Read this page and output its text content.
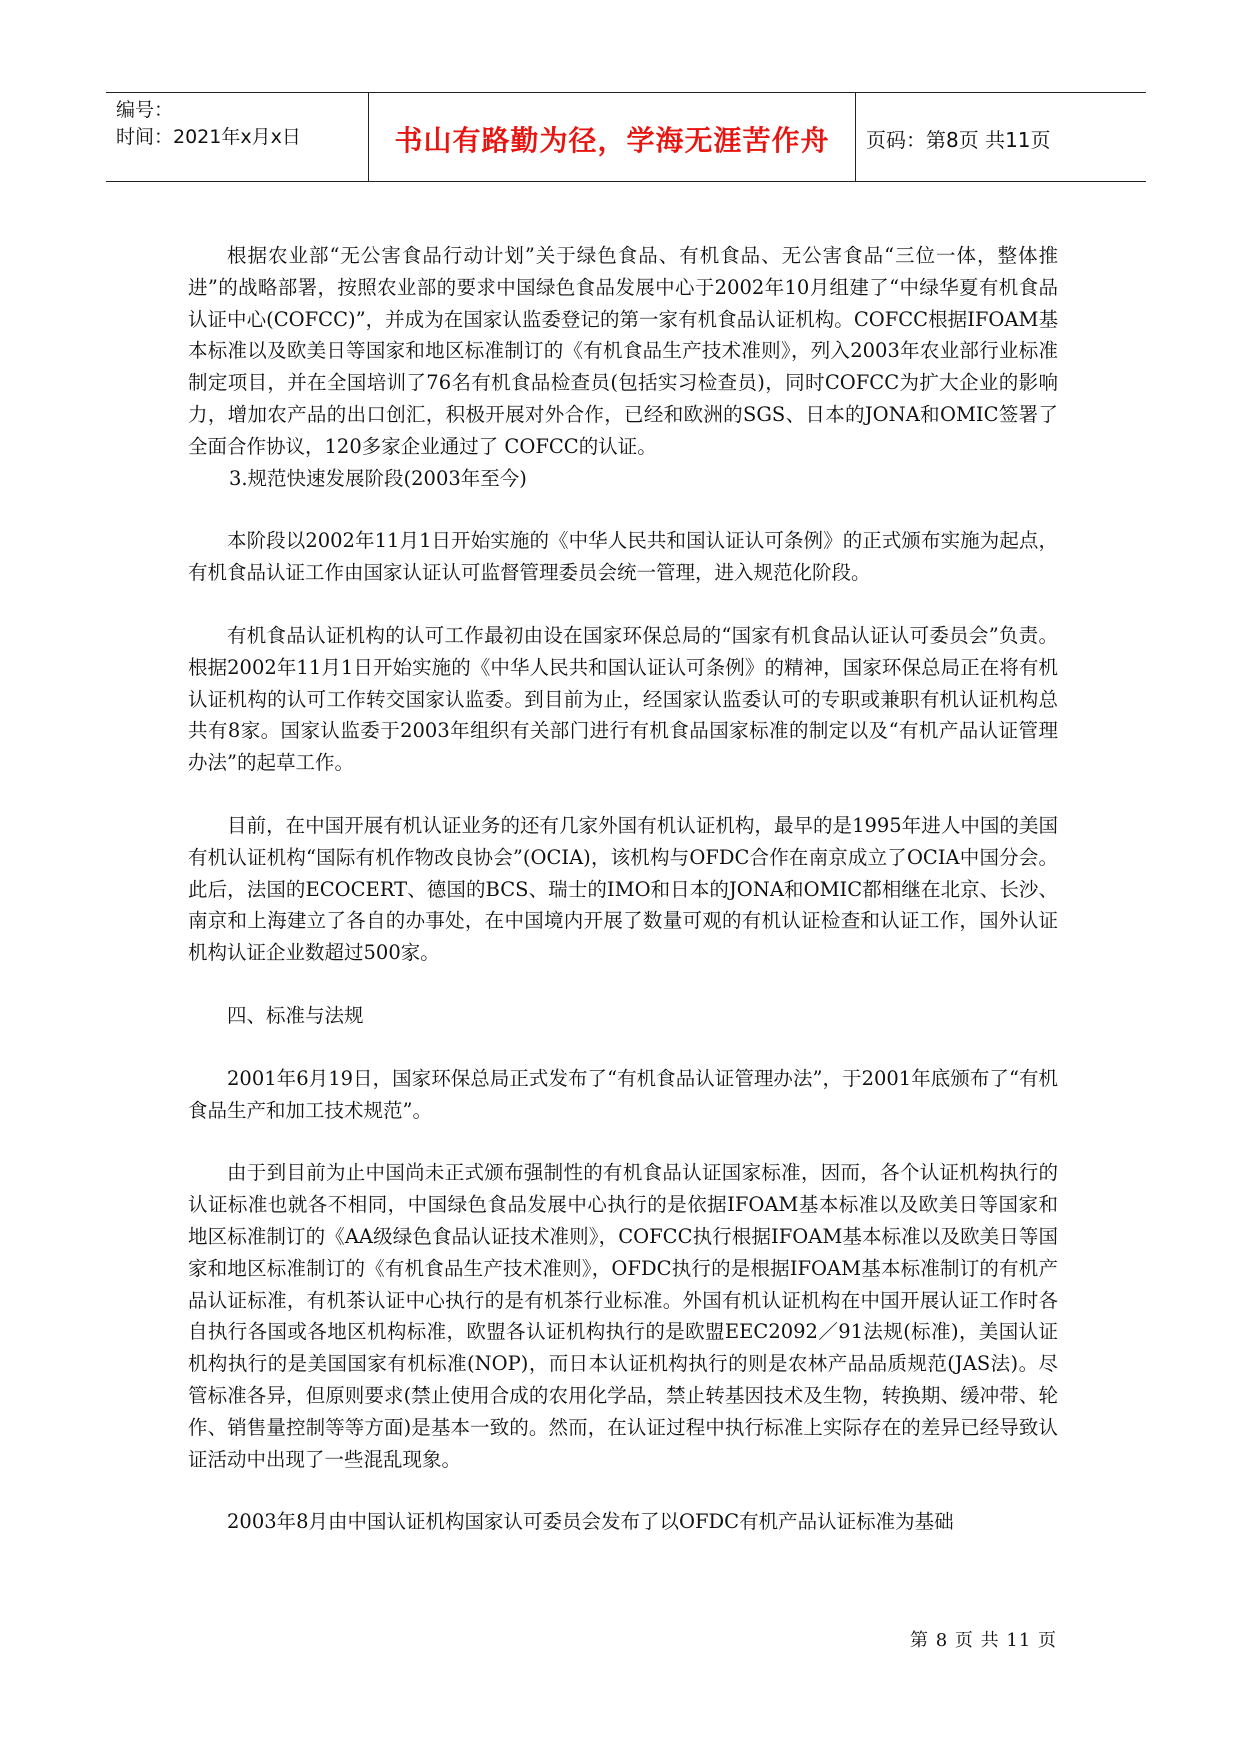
编号：
时间：2021年x月x日	书山有路勤为径，学海无涯苦作舟	页码：第8页 共11页

根据农业部“无公害食品行动计划”关于绿色食品、有机食品、无公害食品“三位一体，整体推进”的战略部署，按照农业部的要求中国绿色食品发展中心于2002年10月组建了“中绿华夏有机食品认证中心(COFCC)”，并成为在国家认监委登记的第一家有机食品认证机构。COFCC根据IFOAM基本标准以及欧美日等国家和地区标准制订的《有机食品生产技术准则》，列入2003年农业部行业标准制定项目，并在全国培训了76名有机食品检查员(包括实习检查员)，同时COFCC为扩大企业的影响力，增加农产品的出口创汇，积极开展对外合作，已经和欧洲的SGS、日本的JONA和OMIC签署了全面合作协议，120多家企业通过了 COFCC的认证。

3.规范快速发展阶段(2003年至今)

本阶段以2002年11月1日开始实施的《中华人民共和国认证认可条例》的正式颁布实施为起点，有机食品认证工作由国家认证认可监督管理委员会统一管理，进入规范化阶段。

有机食品认证机构的认可工作最初由设在国家环保总局的“国家有机食品认证认可委员会”负责。根据2002年11月1日开始实施的《中华人民共和国认证认可条例》的精神，国家环保总局正在将有机认证机构的认可工作转交国家认监委。到目前为止，经国家认监委认可的专职或兼职有机认证机构总共有8家。国家认监委于2003年组织有关部门进行有机食品国家标准的制定以及“有机产品认证管理办法”的起草工作。

目前，在中国开展有机认证业务的还有几家外国有机认证机构，最早的是1995年进人中国的美国有机认证机构“国际有机作物改良协会”(OCIA)，该机构与OFDC合作在南京成立了OCIA中国分会。此后，法国的ECOCERT、德国的BCS、瑞士的IMO和日本的JONA和OMIC都相继在北京、长沙、南京和上海建立了各自的办事处，在中国境内开展了数量可观的有机认证检查和认证工作，国外认证机构认证企业数超过500家。

四、标准与法规

2001年6月19日，国家环保总局正式发布了“有机食品认证管理办法”，于2001年底颁布了“有机食品生产和加工技术规范”。

由于到目前为止中国尚未正式颁布强制性的有机食品认证国家标准，因而，各个认证机构执行的认证标准也就各不相同，中国绿色食品发展中心执行的是依据IFOAM基本标准以及欧美日等国家和地区标准制订的《AA级绿色食品认证技术准则》，COFCC执行根据IFOAM基本标准以及欧美日等国家和地区标准制订的《有机食品生产技术准则》，OFDC执行的是根据IFOAM基本标准制订的有机产品认证标准，有机茶认证中心执行的是有机茶行业标准。外国有机认证机构在中国开展认证工作时各自执行各国或各地区机构标准，欧盟各认证机构执行的是欧盟EEC2092／91法规(标准)，美国认证机构执行的是美国国家有机标准(NOP)，而日本认证机构执行的则是农林产品品质规范(JAS法)。尽管标准各异，但原则要求(禁止使用合成的农用化学品，禁止转基因技术及生物，转换期、缓冲带、轮作、销售量控制等等方面)是基本一致的。然而，在认证过程中执行标准上实际存在的差异已经导致认证活动中出现了一些混乱现象。

2003年8月由中国认证机构国家认可委员会发布了以OFDC有机产品认证标准为基础

第 8 页 共 11 页
